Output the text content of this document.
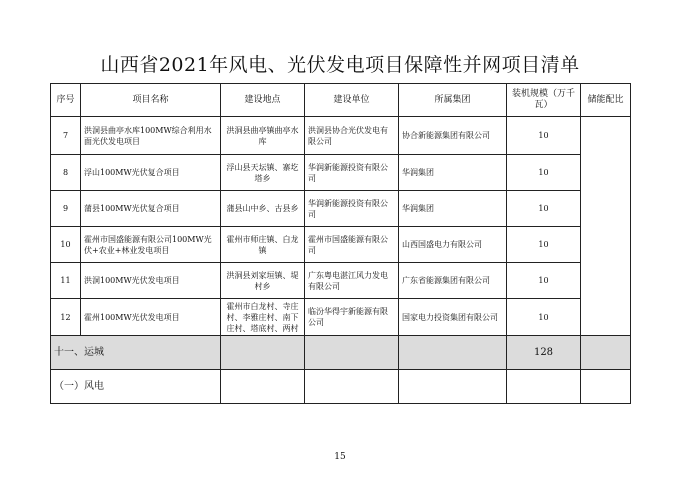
山西省2021年风电、光伏发电项目保障性并网项目清单
序号	项目名称	建设地点	建设单位	所属集团	装机规模（万千瓦）	储能配比
7	洪洞县曲亭水库100MW综合利用水面光伏发电项目	洪洞县曲亭镇曲亭水库	洪洞县协合光伏发电有限公司	协合新能源集团有限公司	10	
8	浮山100MW光伏复合项目	浮山县天坛镇、寨圪塔乡	华润新能源投资有限公司	华润集团	10	
9	蒲县100MW光伏复合项目	蒲县山中乡、古县乡	华润新能源投资有限公司	华润集团	10	
10	霍州市国盛能源有限公司100MW光伏+农业+林业发电项目	霍州市师庄镇、白龙镇	霍州市国盛能源有限公司	山西国盛电力有限公司	10	
11	洪洞100MW光伏发电项目	洪洞县刘家垣镇、堤村乡	广东粤电湛江风力发电有限公司	广东省能源集团有限公司	10	
12	霍州100MW光伏发电项目	霍州市白龙村、寺庄村、李雅庄村、南下庄村、塔底村、两村	临汾华得宇新能源有限公司	国家电力投资集团有限公司	10	
十一、运城					128	
（一）风电						
15
